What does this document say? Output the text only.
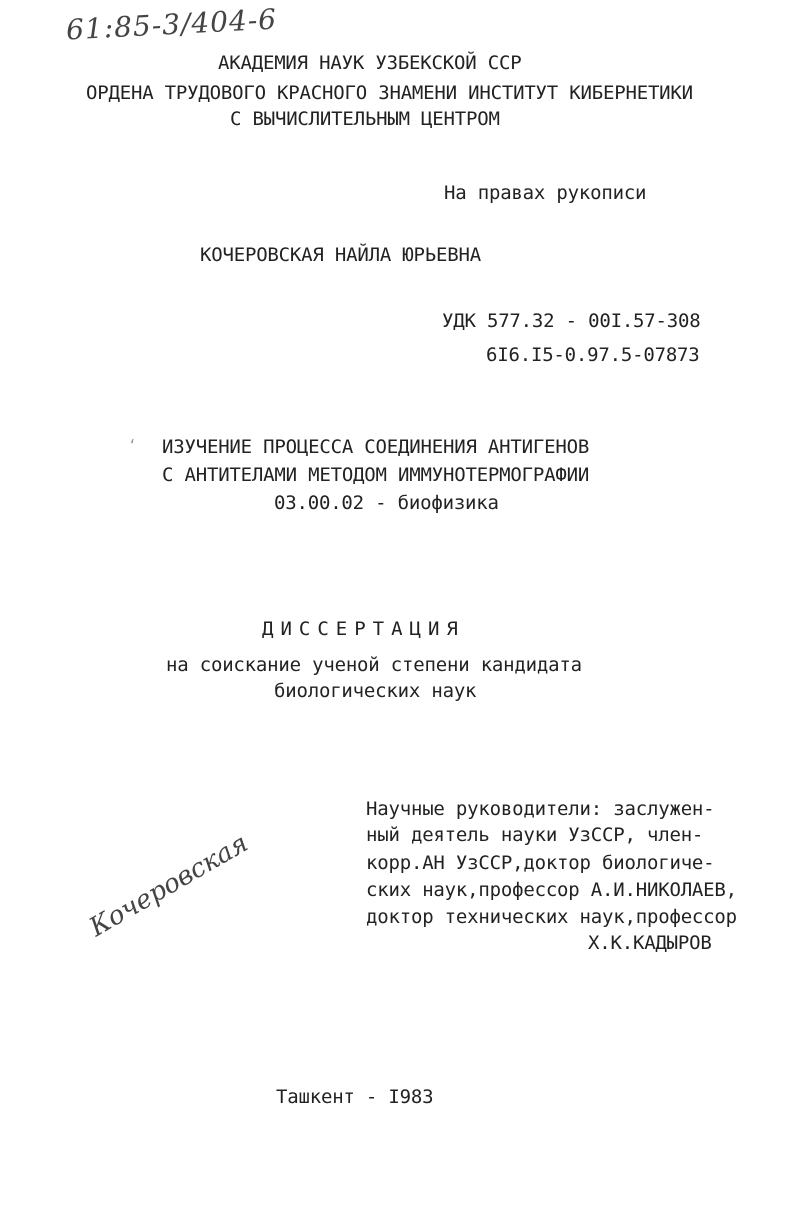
61:85-3/404-6
АКАДЕМИЯ НАУК УЗБЕКСКОЙ ССР
ОРДЕНА ТРУДОВОГО КРАСНОГО ЗНАМЕНИ ИНСТИТУТ КИБЕРНЕТИКИ
С ВЫЧИСЛИТЕЛЬНЫМ ЦЕНТРОМ
На правах рукописи
КОЧЕРОВСКАЯ НАЙЛА ЮРЬЕВНА
УДК 577.32 - 00I.57-308
6I6.I5-0.97.5-07873
‘ ИЗУЧЕНИЕ ПРОЦЕССА СОЕДИНЕНИЯ АНТИГЕНОВ
С АНТИТЕЛАМИ МЕТОДОМ ИММУНОТЕРМОГРАФИИ
03.00.02 - биофизика
ДИССЕРТАЦИЯ
на соискание ученой степени кандидата
биологических наук
Научные руководители: заслужен-
ный деятель науки УзССР, член-
корр.АН УзССР,доктор биологиче-
ских наук,профессор А.И.НИКОЛАЕВ,
доктор технических наук,профессор
Х.К.КАДЫРОВ
Кочеровская
Ташкент - I983
